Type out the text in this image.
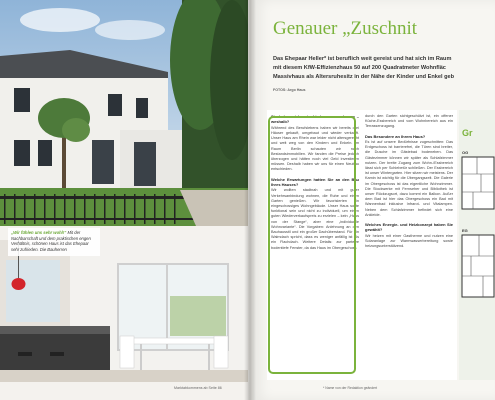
„Wir fühlen uns sehr wohl!“ Mit der Nachbarschaft und dem praktischen engen Verhältnis, schönen Haus ist das Ehepaar sehr zufrieden. Die Bauherren
Marktabkommens ab Seite 86
Genauer „Zuschnit
Das Ehepaar Heller* ist beruflich weit gereist und hat sich im Raum
mit diesem KfW-Effizienzhaus 50 auf 200 Quadratmeter Wohnfläc
Massivhaus als Altersruhesitz in der Nähe der Kinder und Enkel geb
FOTOS: Argo Haus
Sie haben sich entschieden neu zu bauen – weshalb?
Während des Berufslebens haben wir bereits drei Häuser gekauft, umgebaut und wieder verkauft. Unser Haus am Rhein war leider nicht altersgerecht und weit weg von den Kindern und Enkeln. Im Raum Berlin schauten wir nach Bestandsimmobilien. Wir fanden die Preise jedoch überzogen und hätten noch viel Geld investieren müssen. Deshalb haben wir uns für einen Neubau entschieden.
Welche Erwartungen hatten Sie an den Bau Ihres Hauses?
Wir wollten stadtnah und mit guter Verkehrsanbindung wohnen, die Ruhe und einen Garten genießen. Wir favorisierten ein eingeschossiges Wohngebäude. Unser Haus sollte funktional sein und nicht zu individuell, um einen guten Wiederverkaufspreis zu erzielen – kein „Haus von der Stange“, aber eine „individuelle Wohnvariante“. Die Vorgaben: Anlehnung an den Bauhausstil und ein großer Dachüberstand. Für ein Walmdach spricht, dass es weniger anfällig ist als ein Flachdach. Weitere Details: zur parterre bodentiefe Fenster, da das Haus im Obergeschoss
durch den Garten sichtgeschützt ist, ein offener Küche-Essbereich und vom Wohnbereich aus ein Terrassenzugang.
Das Besondere an Ihrem Haus?
Es ist auf unsere Bedürfnisse zugeschnitten: Das Erdgeschoss ist barrierefrei, die Türen sind breiter, die Dusche im Gästebad bodeneben. Das Gästezimmer können wir später als Schlafzimmer nutzen. Der breite Zugang zum Wohn-/Essbereich lässt sich per Schiebetür schließen. Der Essbereich ist unser Wintergarten. Hier sitzen wir meistens. Der Kamin ist wichtig für die Übergangszeit. Die Galerie im Obergeschoss ist das eigentliche Wohnzimmer. Die Stockwerke mit Fernseher und Bibliothek ist unser Rückzugsort, dazu kommt ein Balkon. Außer dem Bad ist hier das Obergeschoss ein Bad mit Wannenbad inklusive Infrarot- und Vitalampen. Neben dem Schlafzimmer befindet sich eine Ankleide.
Welches Energie- und Heizkonzept haben Sie gewählt?
Wir heizen mit einer Gastherme und nutzen eine Solaranlage zur Warmwasserbereitung sowie heizungsunterstützend.
Gr
OG
EG
* Name von der Redaktion geändert
